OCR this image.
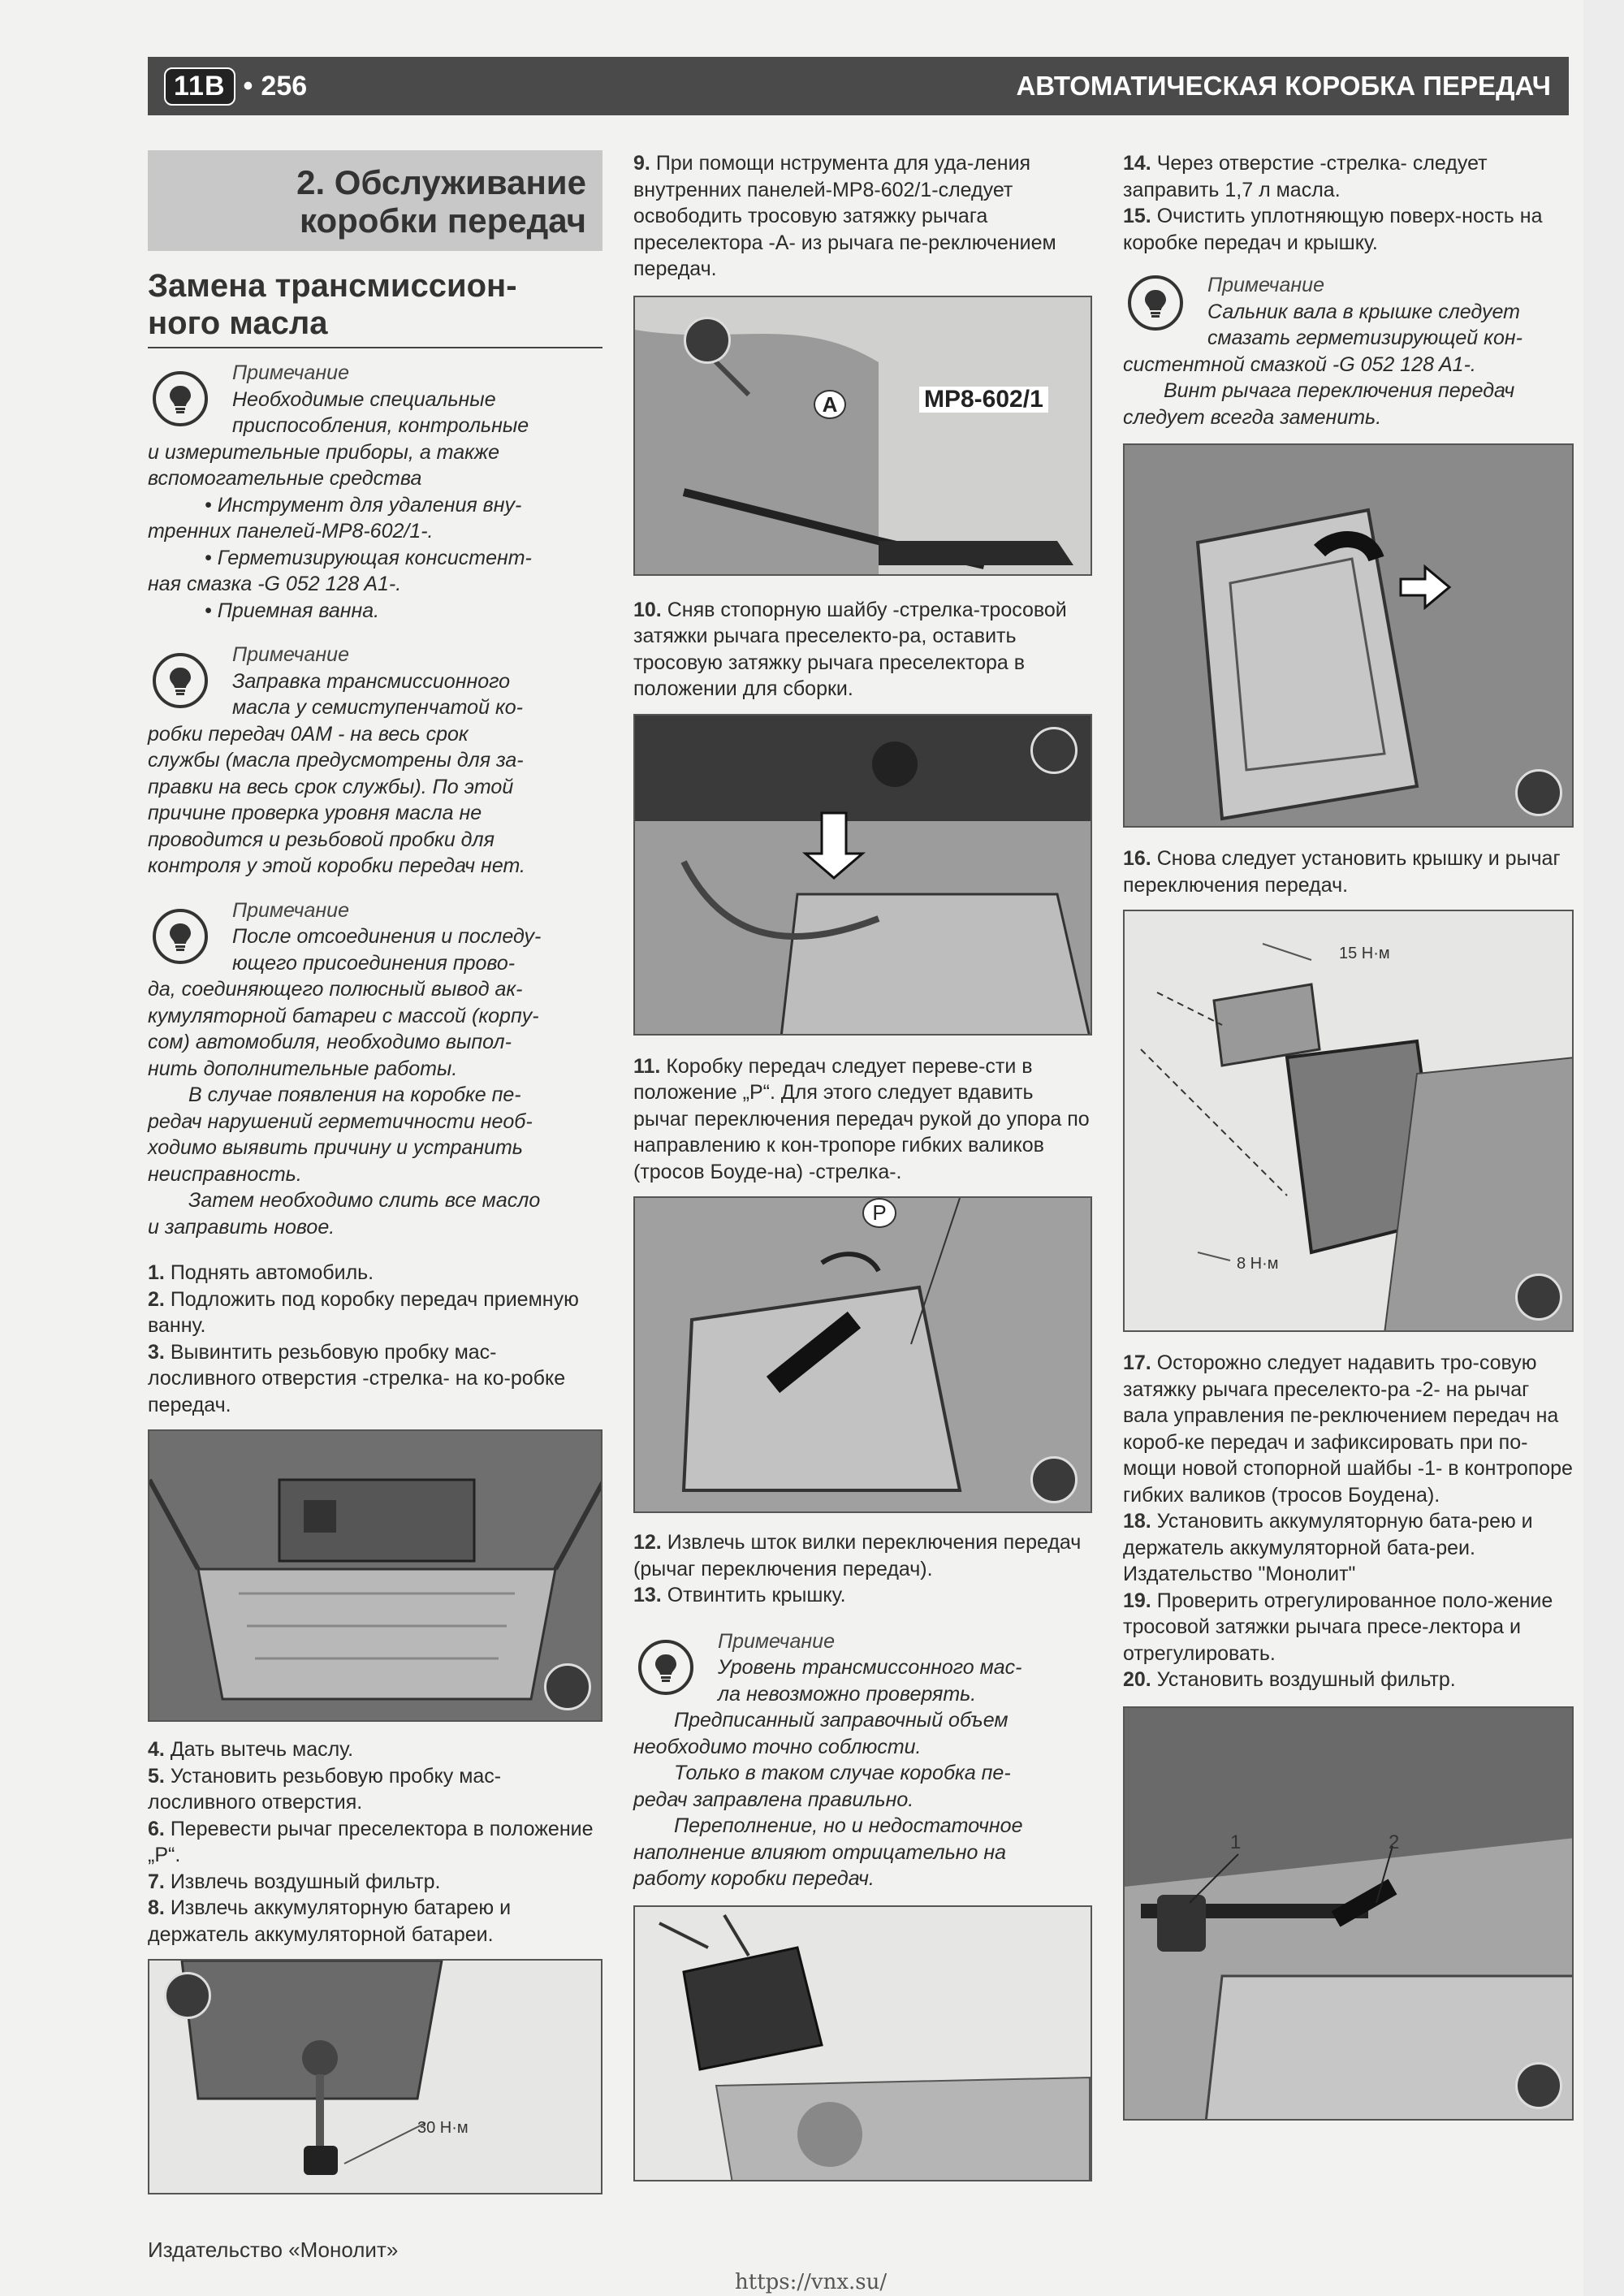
11B • 256	АВТОМАТИЧЕСКАЯ КОРОБКА ПЕРЕДАЧ
2. Обслуживание
коробки передач
Замена трансмиссион-
ного масла

Примечание

Необходимые специальные

приспособления, контрольные

и измерительные приборы, а также

вспомогательные средства

• Инструмент для удаления вну-

тренних панелей-MP8-602/1-.

• Герметизирующая консистент-

ная смазка -G 052 128 A1-.

• Приемная ванна.

Примечание

Заправка трансмиссионного

масла у семиступенчатой ко-

робки передач 0АМ - на весь срок

службы (масла предусмотрены для за-

правки на весь срок службы). По этой

причине проверка уровня масла не

проводится и резьбовой пробки для

контроля у этой коробки передач нет.

Примечание

После отсоединения и последу-

ющего присоединения прово-

да, соединяющего полюсный вывод ак-

кумуляторной батареи с массой (корпу-

сом) автомобиля, необходимо выпол-

нить дополнительные работы.

В случае появления на коробке пе-

редач нарушений герметичности необ-

ходимо выявить причину и устранить

неисправность.

Затем необходимо слить все масло

и заправить новое.

1. Поднять автомобиль.

2. Подложить под коробку передач приемную ванну.

3. Вывинтить резьбовую пробку мас-лосливного отверстия -стрелка- на ко-робке передач.

4. Дать вытечь маслу.

5. Установить резьбовую пробку мас-лосливного отверстия.

6. Перевести рычаг преселектора в положение „P“.

7. Извлечь воздушный фильтр.

8. Извлечь аккумуляторную батарею и держатель аккумуляторной батареи.

30 Н·м

9. При помощи нструмента для уда-ления внутренних панелей-MP8-602/1-следует освободить тросовую затяжку рычага преселектора -A- из рычага пе-реключением передач.

MP8-602/1
A

10. Сняв стопорную шайбу -стрелка-тросовой затяжки рычага преселекто-ра, оставить тросовую затяжку рычага преселектора в положении для сборки.

11. Коробку передач следует переве-сти в положение „P“. Для этого следует вдавить рычаг переключения передач рукой до упора по направлению к кон-тропоре гибких валиков (тросов Боуде-на) -стрелка-.

P

12. Извлечь шток вилки переключения передач (рычаг переключения передач).

13. Отвинтить крышку.

Примечание

Уровень трансмиссонного мас-

ла невозможно проверять.

Предписанный заправочный объем

необходимо точно соблюсти.

Только в таком случае коробка пе-

редач заправлена правильно.

Переполнение, но и недостаточное

наполнение влияют отрицательно на

работу коробки передач.

14. Через отверстие -стрелка- следует заправить 1,7 л масла.

15. Очистить уплотняющую поверх-ность на коробке передач и крышку.

Примечание

Сальник вала в крышке следует

смазать герметизирующей кон-

систентной смазкой -G 052 128 A1-.

Винт рычага переключения передач

следует всегда заменить.

16. Снова следует установить крышку и рычаг переключения передач.

15 Н·м
8 Н·м

17. Осторожно следует надавить тро-совую затяжку рычага преселекто-ра -2- на рычаг вала управления пе-реключением передач на короб-ке передач и зафиксировать при по-мощи новой стопорной шайбы -1- в контропоре гибких валиков (тросов Боудена).

18. Установить аккумуляторную бата-рею и держатель аккумуляторной бата-реи. Издательство "Монолит"

19. Проверить отрегулированное поло-жение тросовой затяжки рычага пресе-лектора и отрегулировать.

20. Установить воздушный фильтр.

1	2
Издательство «Монолит»
https://vnx.su/
